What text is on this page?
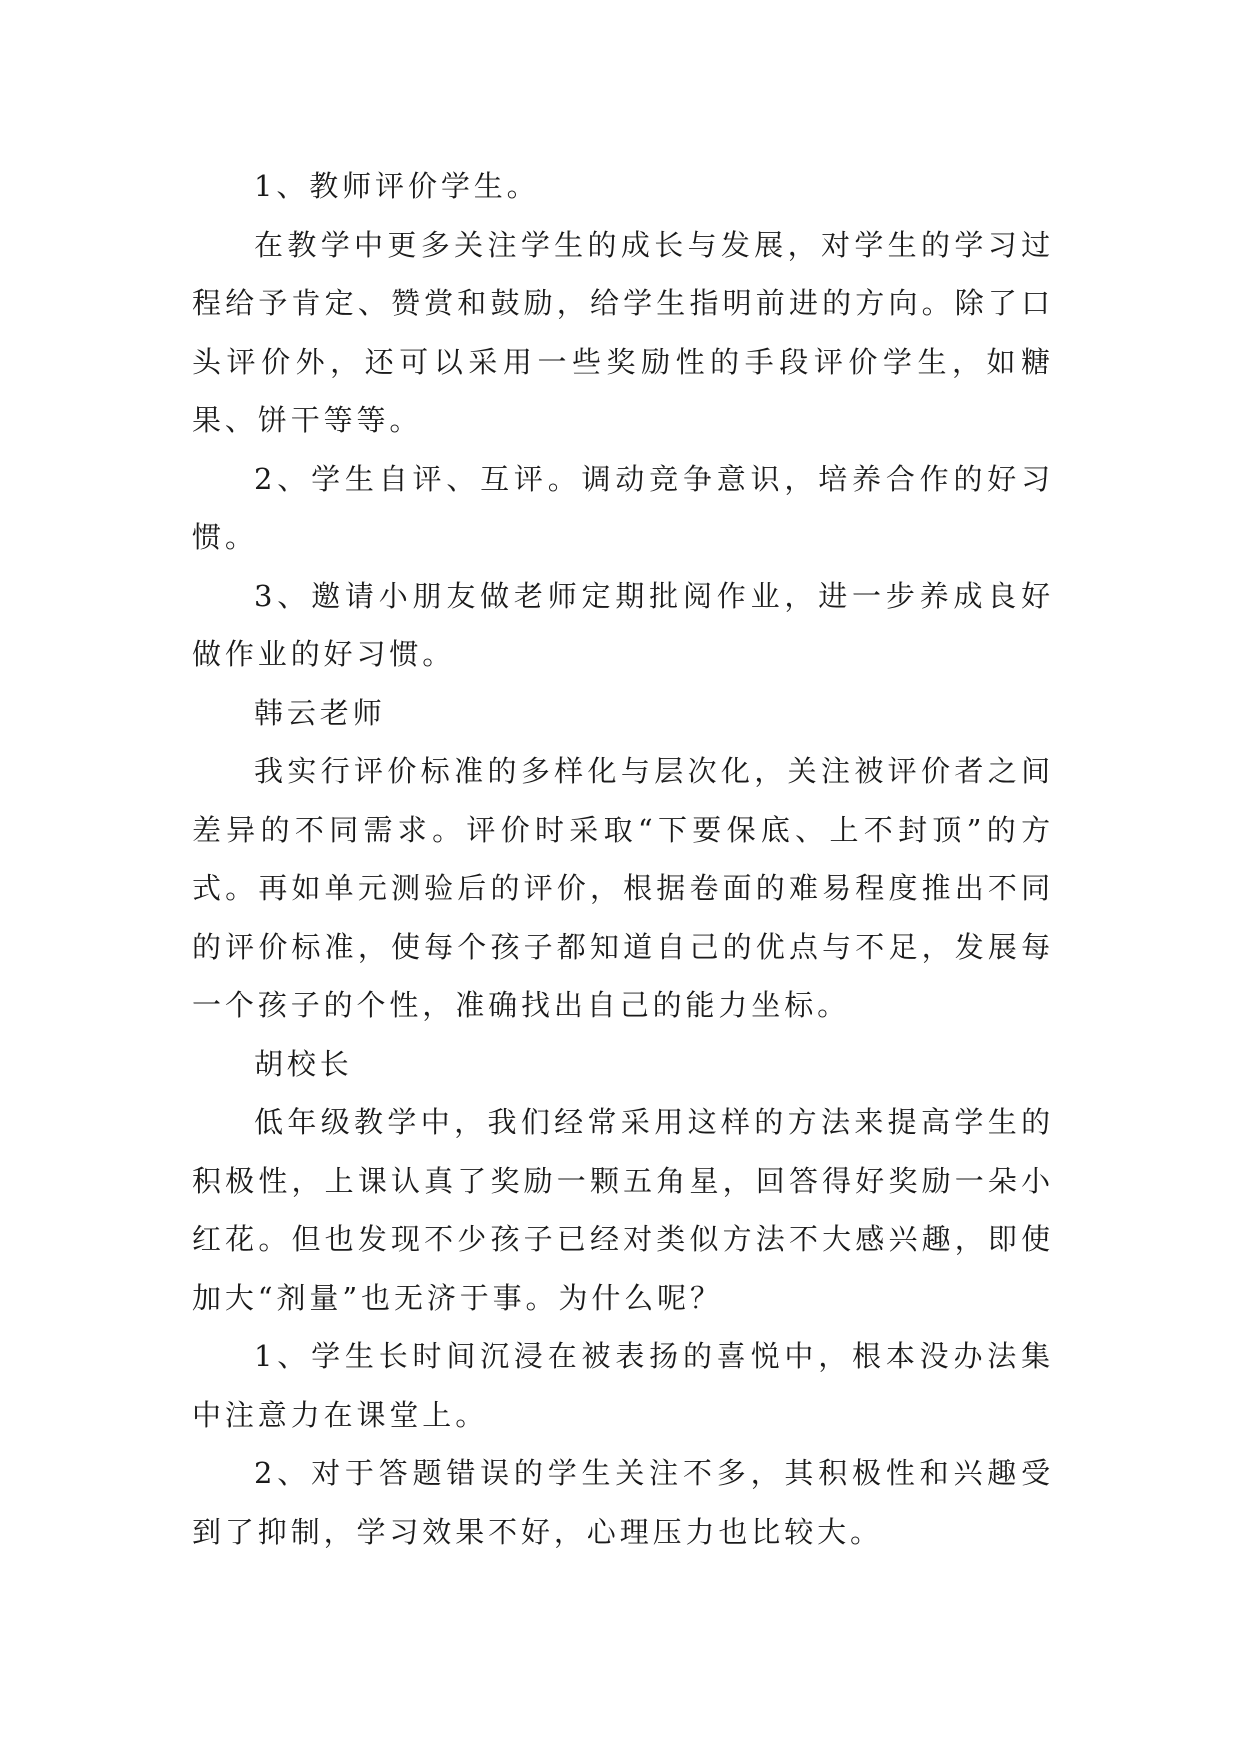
1、教师评价学生。

在教学中更多关注学生的成长与发展，对学生的学习过程给予肯定、赞赏和鼓励，给学生指明前进的方向。除了口头评价外，还可以采用一些奖励性的手段评价学生，如糖果、饼干等等。

2、学生自评、互评。调动竞争意识，培养合作的好习惯。

3、邀请小朋友做老师定期批阅作业，进一步养成良好做作业的好习惯。

韩云老师

我实行评价标准的多样化与层次化，关注被评价者之间差异的不同需求。评价时采取“下要保底、上不封顶”的方式。再如单元测验后的评价，根据卷面的难易程度推出不同的评价标准，使每个孩子都知道自己的优点与不足，发展每一个孩子的个性，准确找出自己的能力坐标。

胡校长

低年级教学中，我们经常采用这样的方法来提高学生的积极性，上课认真了奖励一颗五角星，回答得好奖励一朵小红花。但也发现不少孩子已经对类似方法不大感兴趣，即使加大“剂量”也无济于事。为什么呢？

1、学生长时间沉浸在被表扬的喜悦中，根本没办法集中注意力在课堂上。

2、对于答题错误的学生关注不多，其积极性和兴趣受到了抑制，学习效果不好，心理压力也比较大。
